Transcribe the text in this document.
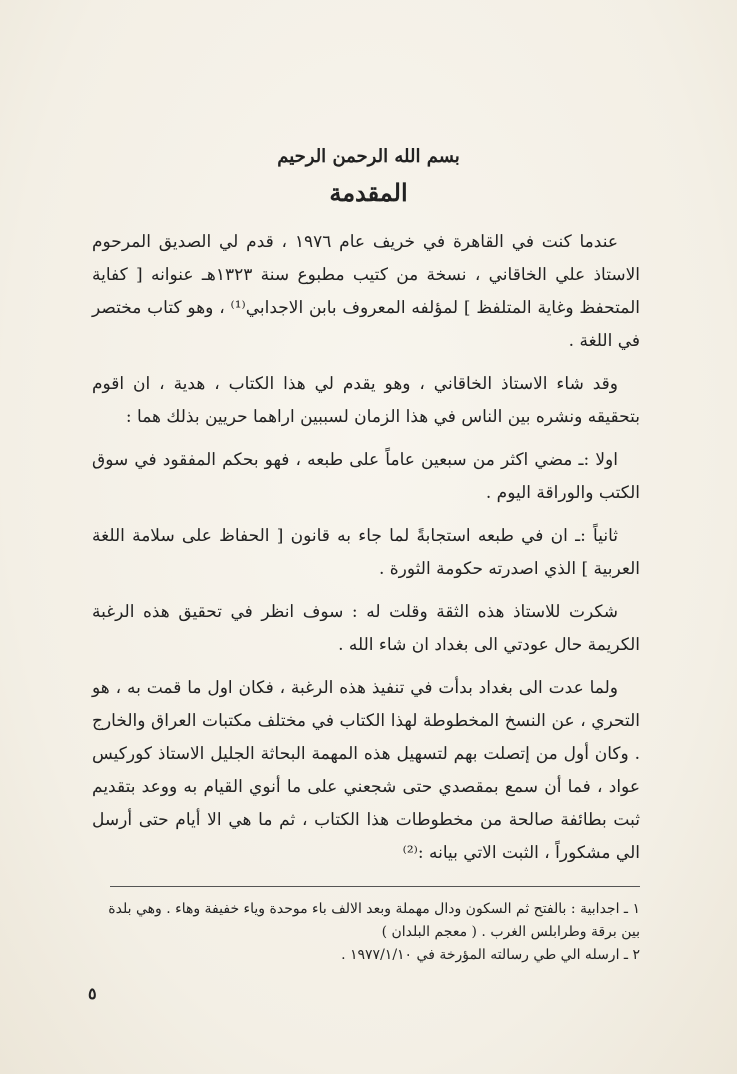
بسم الله الرحمن الرحيم
المقدمة

عندما كنت في القاهرة في خريف عام ١٩٧٦ ، قدم لي الصديق المرحوم الاستاذ علي الخاقاني ، نسخة من كتيب مطبوع سنة ١٣٢٣هـ عنوانه [ كفاية المتحفظ وغاية المتلفظ ] لمؤلفه المعروف بابن الاجدابي⁽¹⁾ ، وهو كتاب مختصر في اللغة .

وقد شاء الاستاذ الخاقاني ، وهو يقدم لي هذا الكتاب ، هدية ، ان اقوم بتحقيقه ونشره بين الناس في هذا الزمان لسببين اراهما حريين بذلك هما :

اولا :ـ مضي اكثر من سبعين عاماً على طبعه ، فهو بحكم المفقود في سوق الكتب والوراقة اليوم .

ثانياً :ـ ان في طبعه استجابةً لما جاء به قانون [ الحفاظ على سلامة اللغة العربية ] الذي اصدرته حكومة الثورة .

شكرت للاستاذ هذه الثقة وقلت له : سوف انظر في تحقيق هذه الرغبة الكريمة حال عودتي الى بغداد ان شاء الله .

ولما عدت الى بغداد بدأت في تنفيذ هذه الرغبة ، فكان اول ما قمت به ، هو التحري ، عن النسخ المخطوطة لهذا الكتاب في مختلف مكتبات العراق والخارج . وكان أول من إتصلت بهم لتسهيل هذه المهمة البحاثة الجليل الاستاذ كوركيس عواد ، فما أن سمع بمقصدي حتى شجعني على ما أنوي القيام به ووعد بتقديم ثبت بطائفة صالحة من مخطوطات هذا الكتاب ، ثم ما هي الا أيام حتى أرسل الي مشكوراً ، الثبت الاتي بيانه :⁽²⁾

١ ـ اجدابية : بالفتح ثم السكون ودال مهملة وبعد الالف باء موحدة وياء خفيفة وهاء . وهي بلدة بين برقة وطرابلس الغرب . ( معجم البلدان )

٢ ـ ارسله الي طي رسالته المؤرخة في ١٩٧٧/١/١٠ .

٥
